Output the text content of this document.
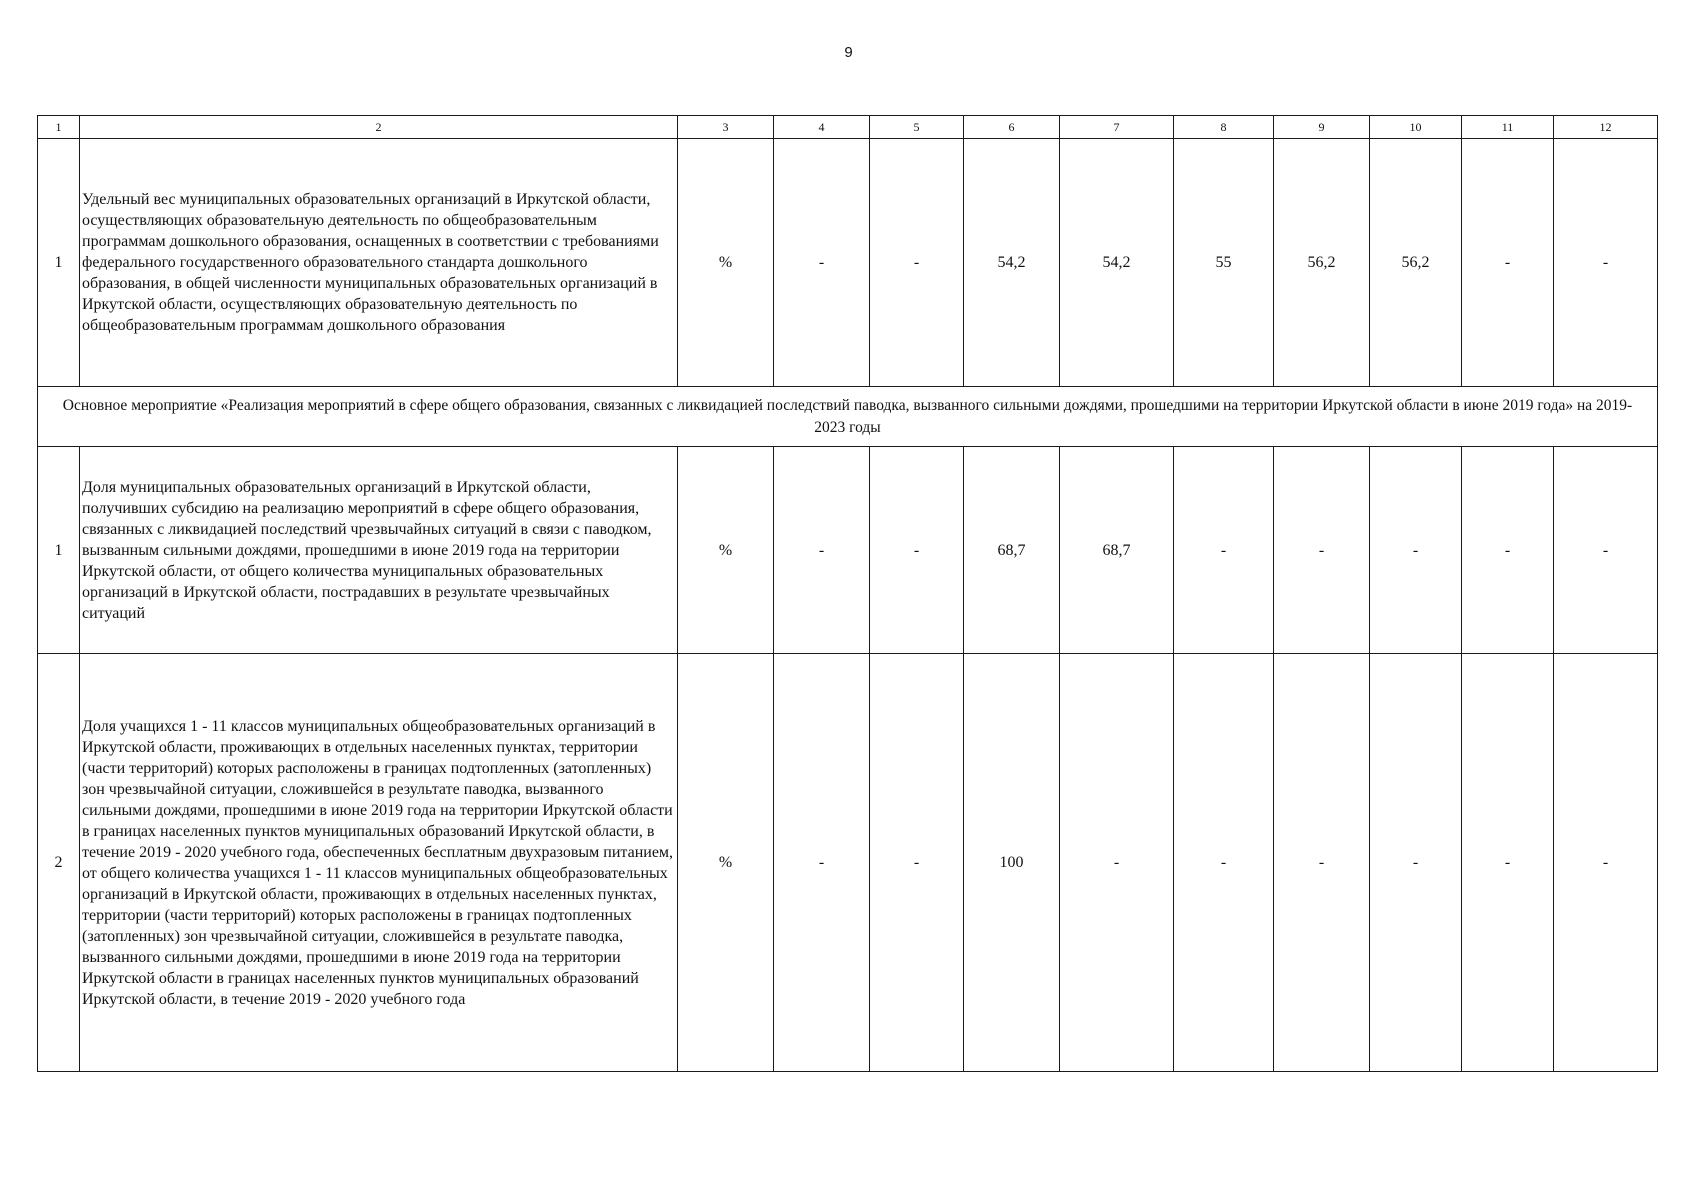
9
1	2	3	4	5	6	7	8	9	10	11	12
1	Удельный вес муниципальных образовательных организаций в Иркутской области, осуществляющих образовательную деятельность по общеобразовательным программам дошкольного образования, оснащенных в соответствии с требованиями федерального государственного образовательного стандарта дошкольного образования, в общей численности муниципальных образовательных организаций в Иркутской области, осуществляющих образовательную деятельность по общеобразовательным программам дошкольного образования	%	-	-	54,2	54,2	55	56,2	56,2	-	-
Основное мероприятие «Реализация мероприятий в сфере общего образования, связанных с ликвидацией последствий паводка, вызванного сильными дождями, прошедшими на территории Иркутской области в июне 2019 года» на 2019-2023 годы											
1	Доля муниципальных образовательных организаций в Иркутской области, получивших субсидию на реализацию мероприятий в сфере общего образования, связанных с ликвидацией последствий чрезвычайных ситуаций в связи с паводком, вызванным сильными дождями, прошедшими в июне 2019 года на территории Иркутской области, от общего количества муниципальных образовательных организаций в Иркутской области, пострадавших в результате чрезвычайных ситуаций	%	-	-	68,7	68,7	-	-	-	-	-
2	Доля учащихся 1 - 11 классов муниципальных общеобразовательных организаций в Иркутской области, проживающих в отдельных населенных пунктах, территории (части территорий) которых расположены в границах подтопленных (затопленных) зон чрезвычайной ситуации, сложившейся в результате паводка, вызванного сильными дождями, прошедшими в июне 2019 года на территории Иркутской области в границах населенных пунктов муниципальных образований Иркутской области, в течение 2019 - 2020 учебного года, обеспеченных бесплатным двухразовым питанием, от общего количества учащихся 1 - 11 классов муниципальных общеобразовательных организаций в Иркутской области, проживающих в отдельных населенных пунктах, территории (части территорий) которых расположены в границах подтопленных (затопленных) зон чрезвычайной ситуации, сложившейся в результате паводка, вызванного сильными дождями, прошедшими в июне 2019 года на территории Иркутской области в границах населенных пунктов муниципальных образований Иркутской области, в течение 2019 - 2020 учебного года	%	-	-	100	-	-	-	-	-	-
